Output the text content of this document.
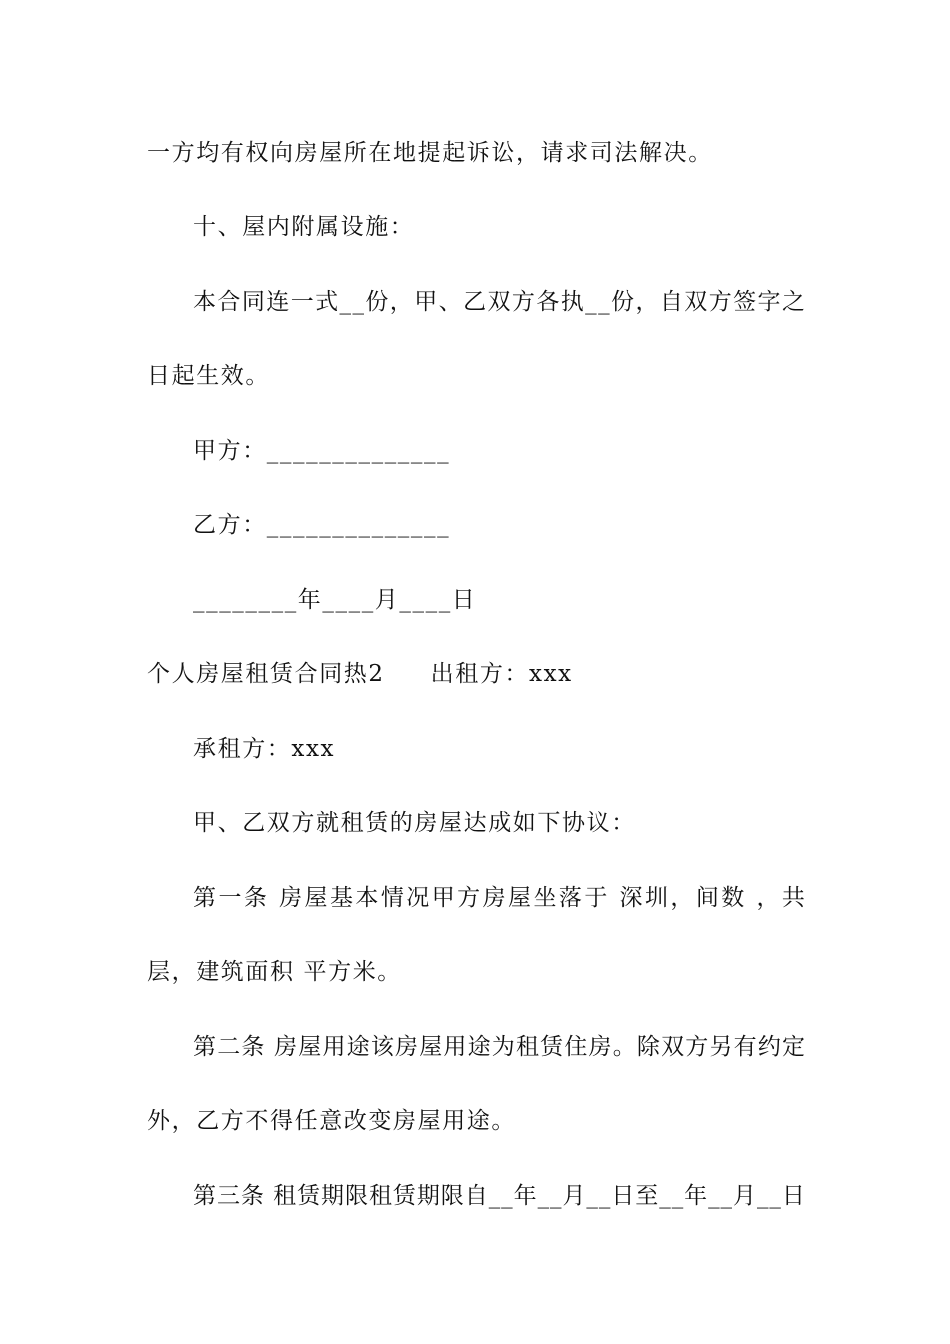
一方均有权向房屋所在地提起诉讼，请求司法解决。
十、屋内附属设施：
本 合 同 连 一 式 _ _ 份 ， 甲 、 乙 双 方 各 执 _ _ 份 ， 自 双 方 签 字 之
日起生效。
甲方：______________
乙方：______________
________年____月____日
个人房屋租赁合同热2 出租方：xxx
承租方：xxx
甲、乙双方就租赁的房屋达成如下协议：
第 一 条
房 屋 基 本 情 况 甲 方 房 屋 坐 落 于
深 圳 ， 间 数
， 共
层，建筑面积 平方米。
第 二 条
房 屋 用 途 该 房 屋 用 途 为 租 赁 住 房 。 除 双 方 另 有 约 定
外，乙方不得任意改变房屋用途。
第 三 条
租 赁 期 限 租 赁 期 限 自 _ _ 年 _ _ 月 _ _ 日 至 _ _ 年 _ _ 月 _ _ 日
